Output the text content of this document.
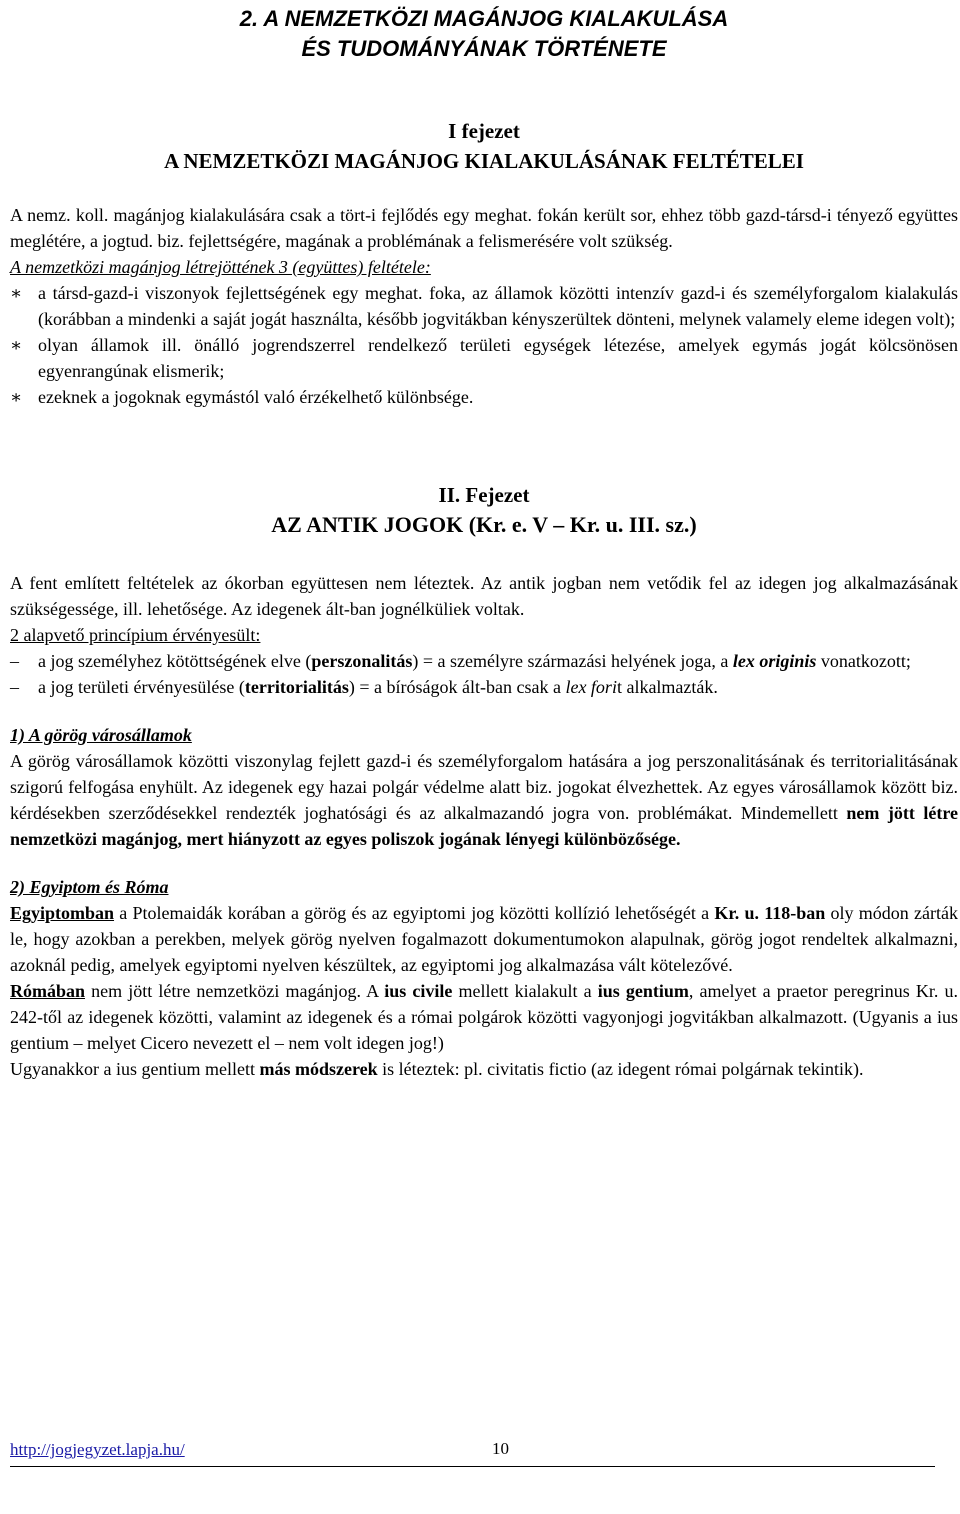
2. A NEMZETKÖZI MAGÁNJOG KIALAKULÁSA
ÉS TUDOMÁNYÁNAK TÖRTÉNETE
I fejezet
A NEMZETKÖZI MAGÁNJOG KIALAKULÁSÁNAK FELTÉTELEI

A nemz. koll. magánjog kialakulására csak a tört-i fejlődés egy meghat. fokán került sor, ehhez több gazd-társd-i tényező együttes meglétére, a jogtud. biz. fejlettségére, magának a problémának a felismerésére volt szükség.

A nemzetközi magánjog létrejöttének 3 (együttes) feltétele:

∗ a társd-gazd-i viszonyok fejlettségének egy meghat. foka, az államok közötti intenzív gazd-i és személyforgalom kialakulás (korábban a mindenki a saját jogát használta, később jogvitákban kényszerültek dönteni, melynek valamely eleme idegen volt);
∗ olyan államok ill. önálló jogrendszerrel rendelkező területi egységek létezése, amelyek egymás jogát kölcsönösen egyenrangúnak elismerik;
∗ ezeknek a jogoknak egymástól való érzékelhető különbsége.
II. Fejezet
AZ ANTIK JOGOK (Kr. e. V – Kr. u. III. sz.)

A fent említett feltételek az ókorban együttesen nem léteztek. Az antik jogban nem vetődik fel az idegen jog alkalmazásának szükségessége, ill. lehetősége. Az idegenek ált-ban jognélküliek voltak.

2 alapvető princípium érvényesült:

–	a jog személyhez kötöttségének elve (perszonalitás) = a személyre származási helyének joga, a lex originis vonatkozott;
–	a jog területi érvényesülése (territorialitás) = a bíróságok ált-ban csak a lex forit alkalmazták.

1) A görög városállamok

A görög városállamok közötti viszonylag fejlett gazd-i és személyforgalom hatására a jog perszonalitásának és territorialitásának szigorú felfogása enyhült. Az idegenek egy hazai polgár védelme alatt biz. jogokat élvezhettek. Az egyes városállamok között biz. kérdésekben szerződésekkel rendezték joghatósági és az alkalmazandó jogra von. problémákat. Mindemellett nem jött létre nemzetközi magánjog, mert hiányzott az egyes poliszok jogának lényegi különbözősége.

2) Egyiptom és Róma

Egyiptomban a Ptolemaidák korában a görög és az egyiptomi jog közötti kollízió lehetőségét a Kr. u. 118-ban oly módon zárták le, hogy azokban a perekben, melyek görög nyelven fogalmazott dokumentumokon alapulnak, görög jogot rendeltek alkalmazni, azoknál pedig, amelyek egyiptomi nyelven készültek, az egyiptomi jog alkalmazása vált kötelezővé.

Rómában nem jött létre nemzetközi magánjog. A ius civile mellett kialakult a ius gentium, amelyet a praetor peregrinus Kr. u. 242-től az idegenek közötti, valamint az idegenek és a római polgárok közötti vagyonjogi jogvitákban alkalmazott. (Ugyanis a ius gentium – melyet Cicero nevezett el – nem volt idegen jog!)

Ugyanakkor a ius gentium mellett más módszerek is léteztek: pl. civitatis fictio (az idegent római polgárnak tekintik).

http://jogjegyzet.lapja.hu/	10
